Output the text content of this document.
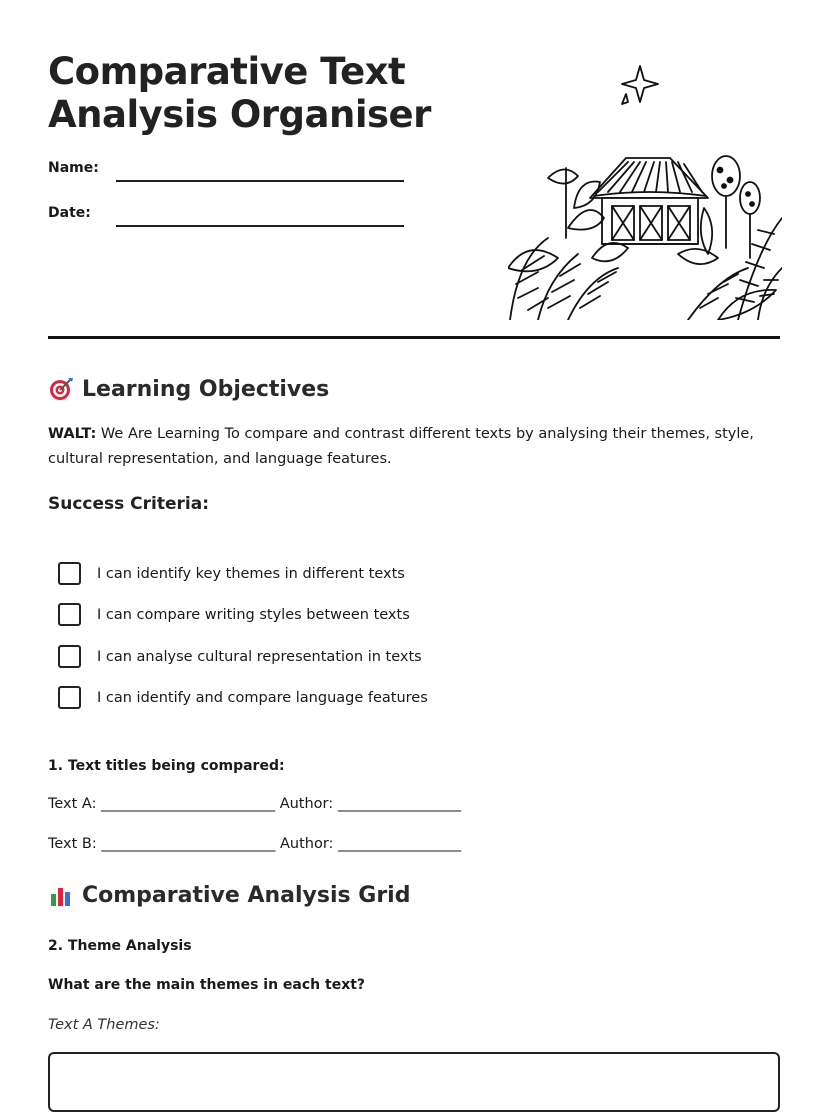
Comparative Text
Analysis Organiser
Name:
Date:
Learning Objectives
WALT: We Are Learning To compare and contrast different texts by analysing their themes, style, cultural representation, and language features.
Success Criteria:
I can identify key themes in different texts
I can compare writing styles between texts
I can analyse cultural representation in texts
I can identify and compare language features
1. Text titles being compared:
Text A: ________________________ Author: _________________
Text B: ________________________ Author: _________________
Comparative Analysis Grid
2. Theme Analysis
What are the main themes in each text?
Text A Themes:
